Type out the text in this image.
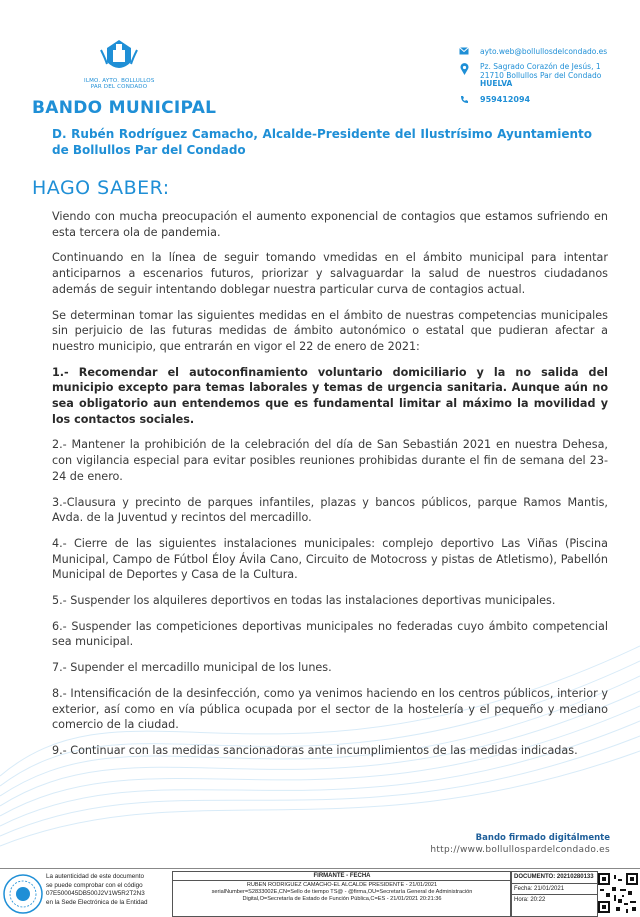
ILMO. AYTO. BOLLULLOS
PAR DEL CONDADO
ayto.web@bollullosdelcondado.es
Pz. Sagrado Corazón de Jesús, 1
21710 Bollullos Par del Condado
HUELVA
959412094
BANDO MUNICIPAL
D. Rubén Rodríguez Camacho, Alcalde-Presidente del Ilustrísimo Ayuntamiento de Bollullos Par del Condado
HAGO SABER:

Viendo con mucha preocupación el aumento exponencial de contagios que estamos sufriendo en esta tercera ola de pandemia.

Continuando en la línea de seguir tomando vmedidas en el ámbito municipal para intentar anticiparnos a escenarios futuros, priorizar y salvaguardar la salud de nuestros ciudadanos además de seguir intentando doblegar nuestra particular curva de contagios actual.

Se determinan tomar las siguientes medidas en el ámbito de nuestras competencias municipales sin perjuicio de las futuras medidas de ámbito autonómico o estatal que pudieran afectar a nuestro municipio, que entrarán en vigor el 22 de enero de 2021:

1.- Recomendar el autoconfinamiento voluntario domiciliario y la no salida del municipio excepto para temas laborales y temas de urgencia sanitaria. Aunque aún no sea obligatorio aun entendemos que es fundamental limitar al máximo la movilidad y los contactos sociales.

2.- Mantener la prohibición de la celebración del día de San Sebastián 2021 en nuestra Dehesa, con vigilancia especial para evitar posibles reuniones prohibidas durante el fin de semana del 23-24 de enero.

3.-Clausura y precinto de parques infantiles, plazas y bancos públicos, parque Ramos Mantis, Avda. de la Juventud y recintos del mercadillo.

4.- Cierre de las siguientes instalaciones municipales: complejo deportivo Las Viñas (Piscina Municipal, Campo de Fútbol Éloy Ávila Cano, Circuito de Motocross y pistas de Atletismo), Pabellón Municipal de Deportes y Casa de la Cultura.

5.- Suspender los alquileres deportivos en todas las instalaciones deportivas municipales.

6.- Suspender las competiciones deportivas municipales no federadas cuyo ámbito competencial sea municipal.

7.- Supender el mercadillo municipal de los lunes.

8.- Intensificación de la desinfección, como ya venimos haciendo en los centros públicos, interior y exterior, así como en vía pública ocupada por el sector de la hostelería y el pequeño y mediano comercio de la ciudad.

9.- Continuar con las medidas sancionadoras ante incumplimientos de las medidas indicadas.

Bando firmado digitálmente
http://www.bollullospardelcondado.es
La autenticidad de este documento
se puede comprobar con el código
07E500045DB500J2V1W5R2T2N3
en la Sede Electrónica de la Entidad
FIRMANTE - FECHA
RUBEN RODRIGUEZ CAMACHO-EL ALCALDE PRESIDENTE - 21/01/2021
serialNumber=S2833002E,CN=Sello de tiempo TS@ - @firma,OU=Secretaría General de Administración
Digital,O=Secretaría de Estado de Función Pública,C=ES - 21/01/2021 20:21:36
DOCUMENTO: 20210280133
Fecha: 21/01/2021
Hora: 20:22
